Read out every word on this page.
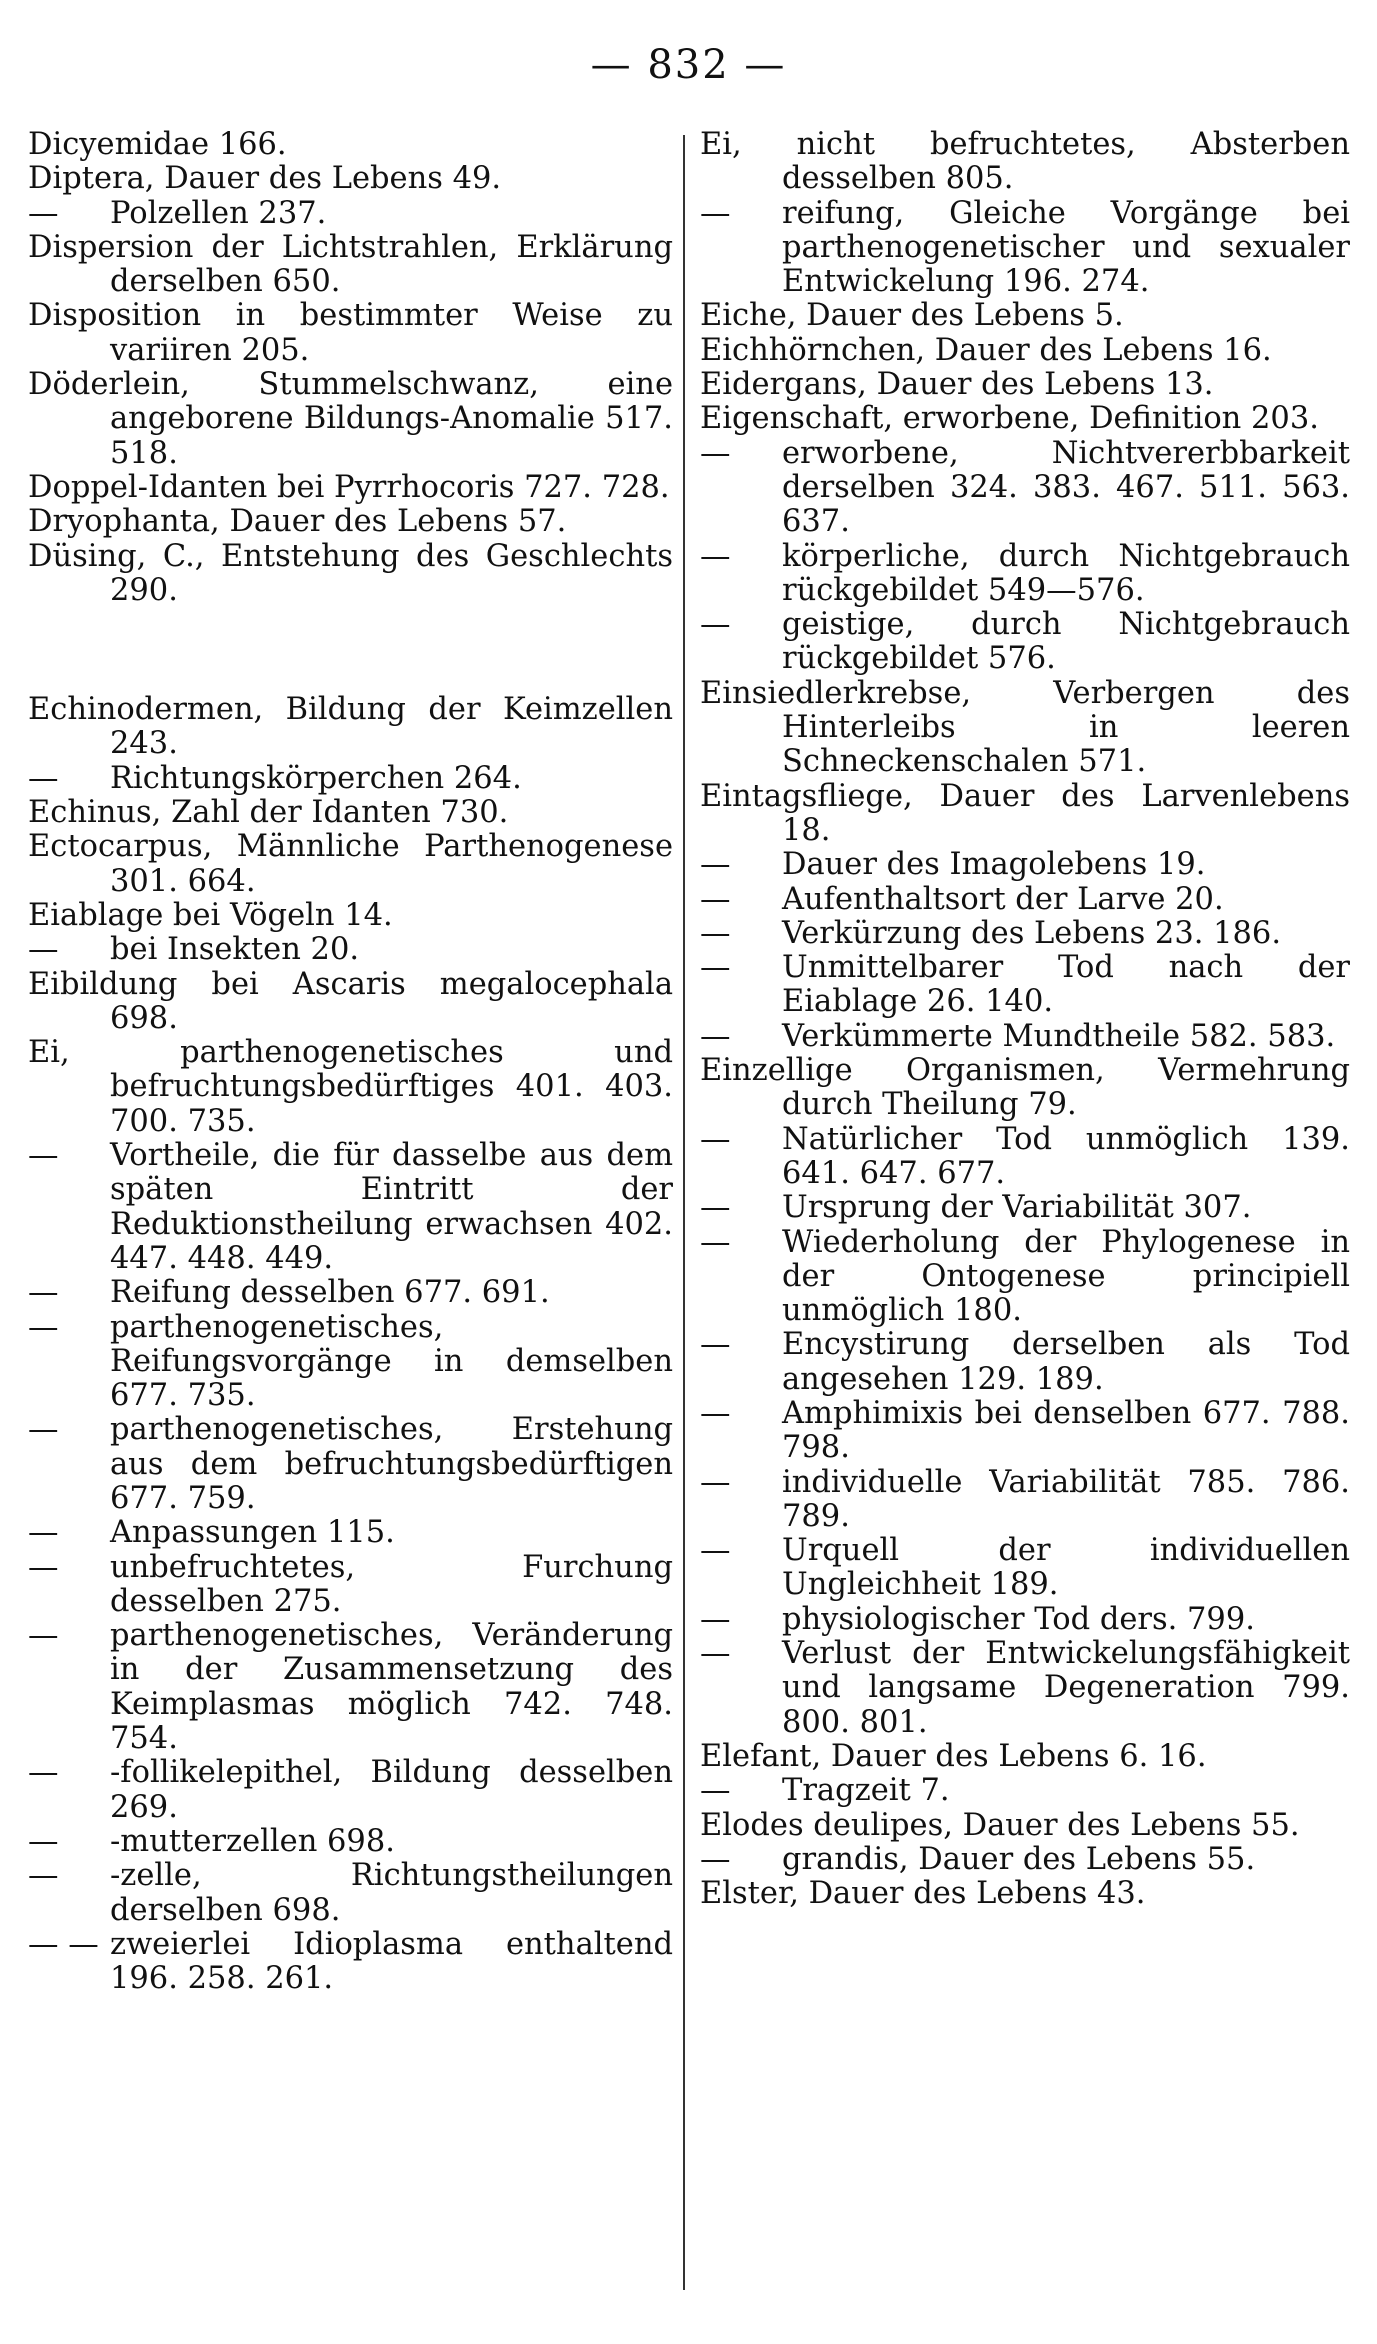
— 832 —

Dicyemidae 166.

Diptera, Dauer des Lebens 49.

— Polzellen 237.

Dispersion der Lichtstrahlen, Erklärung derselben 650.

Disposition in bestimmter Weise zu variiren 205.

Döderlein, Stummelschwanz, eine angeborene Bildungs-Anomalie 517. 518.

Doppel-Idanten bei Pyrrhocoris 727. 728.

Dryophanta, Dauer des Lebens 57.

Düsing, C., Entstehung des Geschlechts 290.

Echinodermen, Bildung der Keimzellen 243.

— Richtungskörperchen 264.

Echinus, Zahl der Idanten 730.

Ectocarpus, Männliche Parthenogenese 301. 664.

Eiablage bei Vögeln 14.

— bei Insekten 20.

Eibildung bei Ascaris megalocephala 698.

Ei, parthenogenetisches und befruchtungsbedürftiges 401. 403. 700. 735.

— Vortheile, die für dasselbe aus dem späten Eintritt der Reduktionstheilung erwachsen 402. 447. 448. 449.

— Reifung desselben 677. 691.

— parthenogenetisches, Reifungsvorgänge in demselben 677. 735.

— parthenogenetisches, Erstehung aus dem befruchtungsbedürftigen 677. 759.

— Anpassungen 115.

— unbefruchtetes, Furchung desselben 275.

— parthenogenetisches, Veränderung in der Zusammensetzung des Keimplasmas möglich 742. 748. 754.

— -follikelepithel, Bildung desselben 269.

— -mutterzellen 698.

— -zelle, Richtungstheilungen derselben 698.

— — zweierlei Idioplasma enthaltend 196. 258. 261.

Ei, nicht befruchtetes, Absterben desselben 805.

— reifung, Gleiche Vorgänge bei parthenogenetischer und sexualer Entwickelung 196. 274.

Eiche, Dauer des Lebens 5.

Eichhörnchen, Dauer des Lebens 16.

Eidergans, Dauer des Lebens 13.

Eigenschaft, erworbene, Definition 203.

— erworbene, Nichtvererbbarkeit derselben 324. 383. 467. 511. 563. 637.

— körperliche, durch Nichtgebrauch rückgebildet 549—576.

— geistige, durch Nichtgebrauch rückgebildet 576.

Einsiedlerkrebse, Verbergen des Hinterleibs in leeren Schneckenschalen 571.

Eintagsfliege, Dauer des Larvenlebens 18.

— Dauer des Imagolebens 19.

— Aufenthaltsort der Larve 20.

— Verkürzung des Lebens 23. 186.

— Unmittelbarer Tod nach der Eiablage 26. 140.

— Verkümmerte Mundtheile 582. 583.

Einzellige Organismen, Vermehrung durch Theilung 79.

— Natürlicher Tod unmöglich 139. 641. 647. 677.

— Ursprung der Variabilität 307.

— Wiederholung der Phylogenese in der Ontogenese principiell unmöglich 180.

— Encystirung derselben als Tod angesehen 129. 189.

— Amphimixis bei denselben 677. 788. 798.

— individuelle Variabilität 785. 786. 789.

— Urquell der individuellen Ungleichheit 189.

— physiologischer Tod ders. 799.

— Verlust der Entwickelungsfähigkeit und langsame Degeneration 799. 800. 801.

Elefant, Dauer des Lebens 6. 16.

— Tragzeit 7.

Elodes deulipes, Dauer des Lebens 55.

— grandis, Dauer des Lebens 55.

Elster, Dauer des Lebens 43.
